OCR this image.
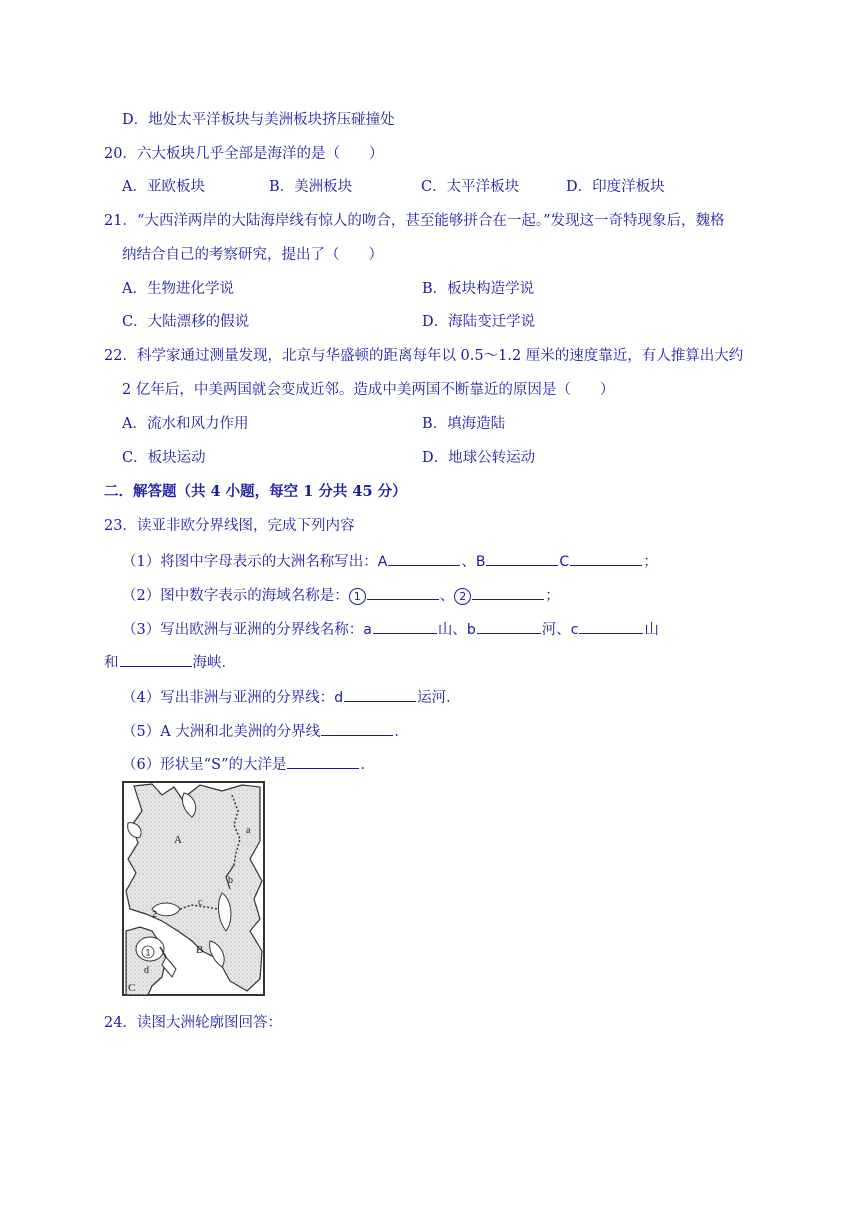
D．地处太平洋板块与美洲板块挤压碰撞处
20．六大板块几乎全部是海洋的是（　　）
A．亚欧板块	B．美洲板块	C．太平洋板块	D．印度洋板块
21．“大西洋两岸的大陆海岸线有惊人的吻合，甚至能够拼合在一起。”发现这一奇特现象后，魏格
纳结合自己的考察研究，提出了（　　）
A．生物进化学说	B．板块构造学说
C．大陆漂移的假说	D．海陆变迁学说
22．科学家通过测量发现，北京与华盛顿的距离每年以 0.5～1.2 厘米的速度靠近，有人推算出大约
2 亿年后，中美两国就会变成近邻。造成中美两国不断靠近的原因是（　　）
A．流水和风力作用	B．填海造陆
C．板块运动	D．地球公转运动
二．解答题（共 4 小题，每空 1 分共 45 分）
23．读亚非欧分界线图，完成下列内容
（1）将图中字母表示的大洲名称写出：A	、B	C	；
（2）图中数字表示的海域名称是： 1	、 2	；
（3）写出欧洲与亚洲的分界线名称：a	山、b	河、c	山
和	海峡．
（4）写出非洲与亚洲的分界线：d	运河．
（5）A 大洲和北美洲的分界线	．
（6）形状呈“S”的大洋是	．
A
B
C
a
b
c
d
1
2
24．读图大洲轮廓图回答：
